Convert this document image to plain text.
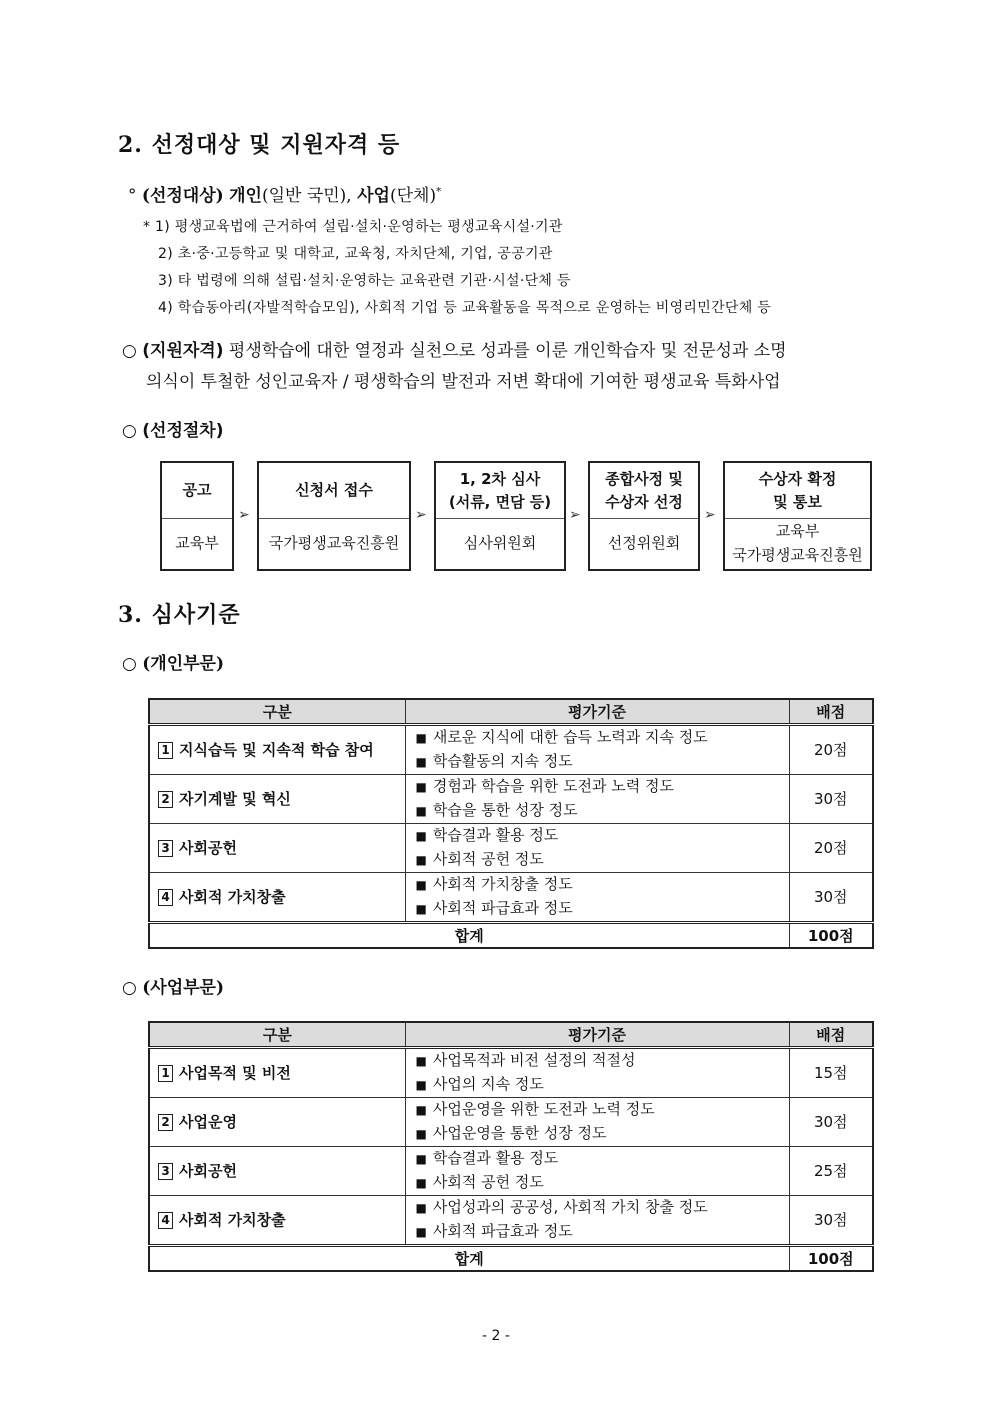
2. 선정대상 및 지원자격 등
° (선정대상) 개인(일반 국민), 사업(단체)*
* 1) 평생교육법에 근거하여 설립·설치·운영하는 평생교육시설·기관
2) 초·중·고등학교 및 대학교, 교육청, 자치단체, 기업, 공공기관
3) 타 법령에 의해 설립·설치·운영하는 교육관련 기관·시설·단체 등
4) 학습동아리(자발적학습모임), 사회적 기업 등 교육활동을 목적으로 운영하는 비영리민간단체 등
○ (지원자격) 평생학습에 대한 열정과 실천으로 성과를 이룬 개인학습자 및 전문성과 소명
의식이 투철한 성인교육자 / 평생학습의 발전과 저변 확대에 기여한 평생교육 특화사업
○ (선정절차)
공고
교육부
➢
신청서 접수
국가평생교육진흥원
➢
1, 2차 심사
(서류, 면담 등)
심사위원회
➢
종합사정 및
수상자 선정
선정위원회
➢
수상자 확정
및 통보
교육부
국가평생교육진흥원
3. 심사기준
○ (개인부문)
구분	평가기준	배점
1 지식습득 및 지속적 학습 참여	■ 새로운 지식에 대한 습득 노력과 지속 정도
■ 학습활동의 지속 정도	20점
2 자기계발 및 혁신	■ 경험과 학습을 위한 도전과 노력 정도
■ 학습을 통한 성장 정도	30점
3 사회공헌	■ 학습결과 활용 정도
■ 사회적 공헌 정도	20점
4 사회적 가치창출	■ 사회적 가치창출 정도
■ 사회적 파급효과 정도	30점
합계		100점
○ (사업부문)
구분	평가기준	배점
1 사업목적 및 비전	■ 사업목적과 비전 설정의 적절성
■ 사업의 지속 정도	15점
2 사업운영	■ 사업운영을 위한 도전과 노력 정도
■ 사업운영을 통한 성장 정도	30점
3 사회공헌	■ 학습결과 활용 정도
■ 사회적 공헌 정도	25점
4 사회적 가치창출	■ 사업성과의 공공성, 사회적 가치 창출 정도
■ 사회적 파급효과 정도	30점
합계		100점
- 2 -
